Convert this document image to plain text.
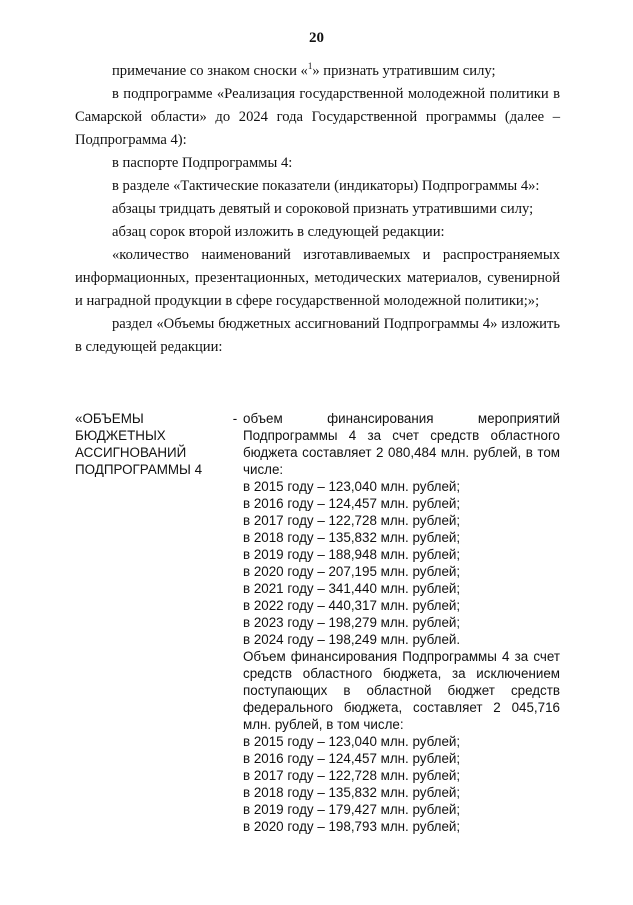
20

примечание со знаком сноски «$^1$» признать утратившим силу;

в подпрограмме «Реализация государственной молодежной политики в Самарской области» до 2024 года Государственной программы (далее – Подпрограмма 4):

в паспорте Подпрограммы 4:

в разделе «Тактические показатели (индикаторы) Подпрограммы 4»:

абзацы тридцать девятый и сороковой признать утратившими силу;

абзац сорок второй изложить в следующей редакции:

«количество наименований изготавливаемых и распространяемых информационных, презентационных, методических материалов, сувенирной и наградной продукции в сфере государственной молодежной политики;»;

раздел «Объемы бюджетных ассигнований Подпрограммы 4» изложить в следующей редакции:

«ОБЪЕМЫ
БЮДЖЕТНЫХ
АССИГНОВАНИЙ
ПОДПРОГРАММЫ 4
- объем финансирования мероприятий Подпрограммы 4 за счет средств областного бюджета составляет 2 080,484 млн. рублей, в том числе:
в 2015 году – 123,040 млн. рублей;
в 2016 году – 124,457 млн. рублей;
в 2017 году – 122,728 млн. рублей;
в 2018 году – 135,832 млн. рублей;
в 2019 году – 188,948 млн. рублей;
в 2020 году – 207,195 млн. рублей;
в 2021 году – 341,440 млн. рублей;
в 2022 году – 440,317 млн. рублей;
в 2023 году – 198,279 млн. рублей;
в 2024 году – 198,249 млн. рублей.
Объем финансирования Подпрограммы 4 за счет средств областного бюджета, за исключением поступающих в областной бюджет средств федерального бюджета, составляет 2 045,716 млн. рублей, в том числе:
в 2015 году – 123,040 млн. рублей;
в 2016 году – 124,457 млн. рублей;
в 2017 году – 122,728 млн. рублей;
в 2018 году – 135,832 млн. рублей;
в 2019 году – 179,427 млн. рублей;
в 2020 году – 198,793 млн. рублей;
